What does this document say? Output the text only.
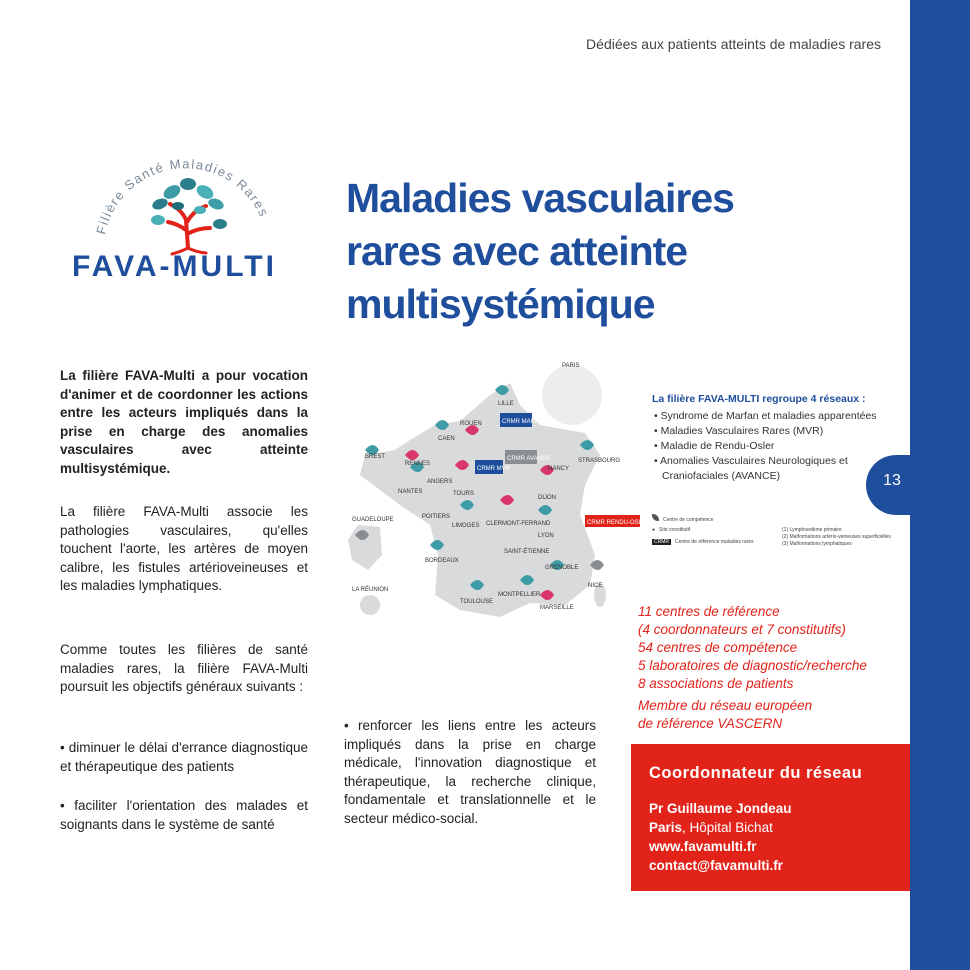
13
Dédiées aux patients atteints de maladies rares
Filière Santé Maladies Rares
FAVA-MULTI
Maladies vasculaires
rares avec atteinte
multisystémique

La filière FAVA-Multi a pour vocation d'animer et de coordonner les actions entre les acteurs impliqués dans la prise en charge des anomalies vasculaires avec atteinte multisystémique.

La filière FAVA-Multi associe les pathologies vasculaires, qu'elles touchent l'aorte, les artères de moyen calibre, les fistules artérioveineuses et les maladies lymphatiques.

Comme toutes les filières de santé maladies rares, la filière FAVA-Multi poursuit les objectifs généraux suivants :

• diminuer le délai d'errance diagnostique et thérapeutique des patients

• faciliter l'orientation des malades et soignants dans le système de santé

• renforcer les liens entre les acteurs impliqués dans la prise en charge médicale, l'innovation diagnostique et thérapeutique, la recherche clinique, fondamentale et translationnelle et le secteur médico-social.

PARIS
LILLE
ROUEN
CAEN
BREST
RENNES
ANGERS
NANTES	TOURS
POITIERS
LIMOGES CLERMONT-FERRAND
LYON
SAINT-ÉTIENNE
GRENOBLE
DIJON
NANCY
STRASBOURG
BORDEAUX
TOULOUSE
MONTPELLIER
MARSEILLE
NICE
GUADELOUPE
LA RÉUNION
CRMR MARFAN
CRMR MVR
CRMR AVANCE
CRMR RENDU-OSLER
La filière FAVA-MULTI regroupe 4 réseaux :
• Syndrome de Marfan et maladies apparentées
• Maladies Vasculaires Rares (MVR)
• Maladie de Rendu-Osler
• Anomalies Vasculaires Neurologiques et Craniofaciales (AVANCE)
Centre de compétence
● Site constitutif	(1) Lymphoedème primaire
(2) Malformations artério-veineuses superficielles
CRMR Centre de référence maladies rares	(3) Malformations lymphatiques
11 centres de référence
(4 coordonnateurs et 7 constitutifs)
54 centres de compétence
5 laboratoires de diagnostic/recherche
8 associations de patients
Membre du réseau européen
de référence VASCERN
Coordonnateur du réseau
Pr Guillaume Jondeau
Paris, Hôpital Bichat
www.favamulti.fr
contact@favamulti.fr
